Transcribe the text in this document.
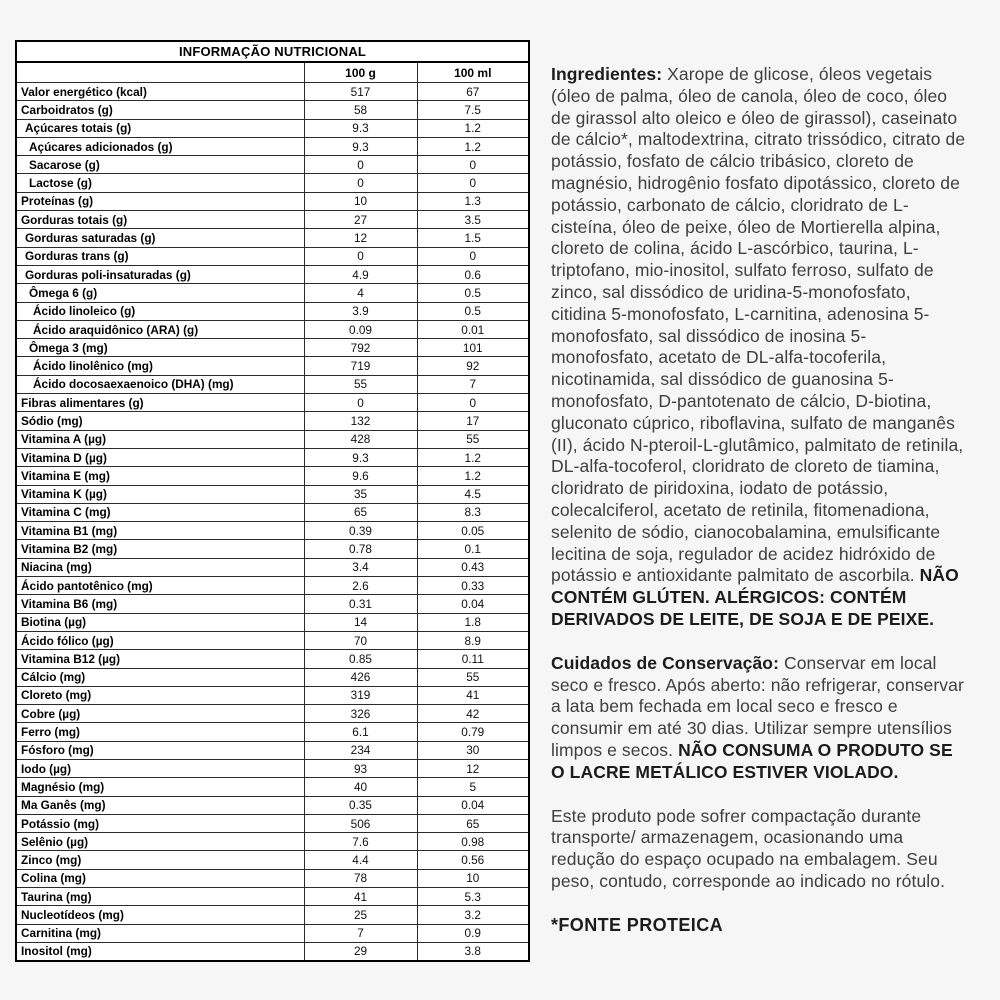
INFORMAÇÃO NUTRICIONAL		
	100 g	100 ml
Valor energético (kcal)	517	67
Carboidratos (g)	58	7.5
Açúcares totais (g)	9.3	1.2
Açúcares adicionados (g)	9.3	1.2
Sacarose (g)	0	0
Lactose (g)	0	0
Proteínas (g)	10	1.3
Gorduras totais (g)	27	3.5
Gorduras saturadas (g)	12	1.5
Gorduras trans (g)	0	0
Gorduras poli-insaturadas (g)	4.9	0.6
Ômega 6 (g)	4	0.5
Ácido linoleico (g)	3.9	0.5
Ácido araquidônico (ARA) (g)	0.09	0.01
Ômega 3 (mg)	792	101
Ácido linolênico (mg)	719	92
Ácido docosaexaenoico (DHA) (mg)	55	7
Fibras alimentares (g)	0	0
Sódio (mg)	132	17
Vitamina A (µg)	428	55
Vitamina D (µg)	9.3	1.2
Vitamina E (mg)	9.6	1.2
Vitamina K (µg)	35	4.5
Vitamina C (mg)	65	8.3
Vitamina B1 (mg)	0.39	0.05
Vitamina B2 (mg)	0.78	0.1
Niacina (mg)	3.4	0.43
Ácido pantotênico (mg)	2.6	0.33
Vitamina B6 (mg)	0.31	0.04
Biotina (µg)	14	1.8
Ácido fólico (µg)	70	8.9
Vitamina B12 (µg)	0.85	0.11
Cálcio (mg)	426	55
Cloreto (mg)	319	41
Cobre (µg)	326	42
Ferro (mg)	6.1	0.79
Fósforo (mg)	234	30
Iodo (µg)	93	12
Magnésio (mg)	40	5
Ma Ganês (mg)	0.35	0.04
Potássio (mg)	506	65
Selênio (µg)	7.6	0.98
Zinco (mg)	4.4	0.56
Colina (mg)	78	10
Taurina (mg)	41	5.3
Nucleotídeos (mg)	25	3.2
Carnitina (mg)	7	0.9
Inositol (mg)	29	3.8

Ingredientes: Xarope de glicose, óleos vegetais (óleo de palma, óleo de canola, óleo de coco, óleo de girassol alto oleico e óleo de girassol), caseinato de cálcio*, maltodextrina, citrato trissódico, citrato de potássio, fosfato de cálcio tribásico, cloreto de magnésio, hidrogênio fosfato dipotássico, cloreto de potássio, carbonato de cálcio, cloridrato de L-cisteína, óleo de peixe, óleo de Mortierella alpina, cloreto de colina, ácido L-ascórbico, taurina, L-triptofano, mio-inositol, sulfato ferroso, sulfato de zinco, sal dissódico de uridina-5-monofosfato, citidina 5-monofosfato, L-carnitina, adenosina 5-monofosfato, sal dissódico de inosina 5-monofosfato, acetato de DL-alfa-tocoferila, nicotinamida, sal dissódico de guanosina 5-monofosfato, D-pantotenato de cálcio, D-biotina, gluconato cúprico, riboflavina, sulfato de manganês (II), ácido N-pteroil-L-glutâmico, palmitato de retinila, DL-alfa-tocoferol, cloridrato de cloreto de tiamina, cloridrato de piridoxina, iodato de potássio, colecalciferol, acetato de retinila, fitomenadiona, selenito de sódio, cianocobalamina, emulsificante lecitina de soja, regulador de acidez hidróxido de potássio e antioxidante palmitato de ascorbila. NÃO CONTÉM GLÚTEN. ALÉRGICOS: CONTÉM DERIVADOS DE LEITE, DE SOJA E DE PEIXE.

Cuidados de Conservação: Conservar em local seco e fresco. Após aberto: não refrigerar, conservar a lata bem fechada em local seco e fresco e consumir em até 30 dias. Utilizar sempre utensílios limpos e secos. NÃO CONSUMA O PRODUTO SE O LACRE METÁLICO ESTIVER VIOLADO.

Este produto pode sofrer compactação durante transporte/ armazenagem, ocasionando uma redução do espaço ocupado na embalagem. Seu peso, contudo, corresponde ao indicado no rótulo.

*FONTE PROTEICA
